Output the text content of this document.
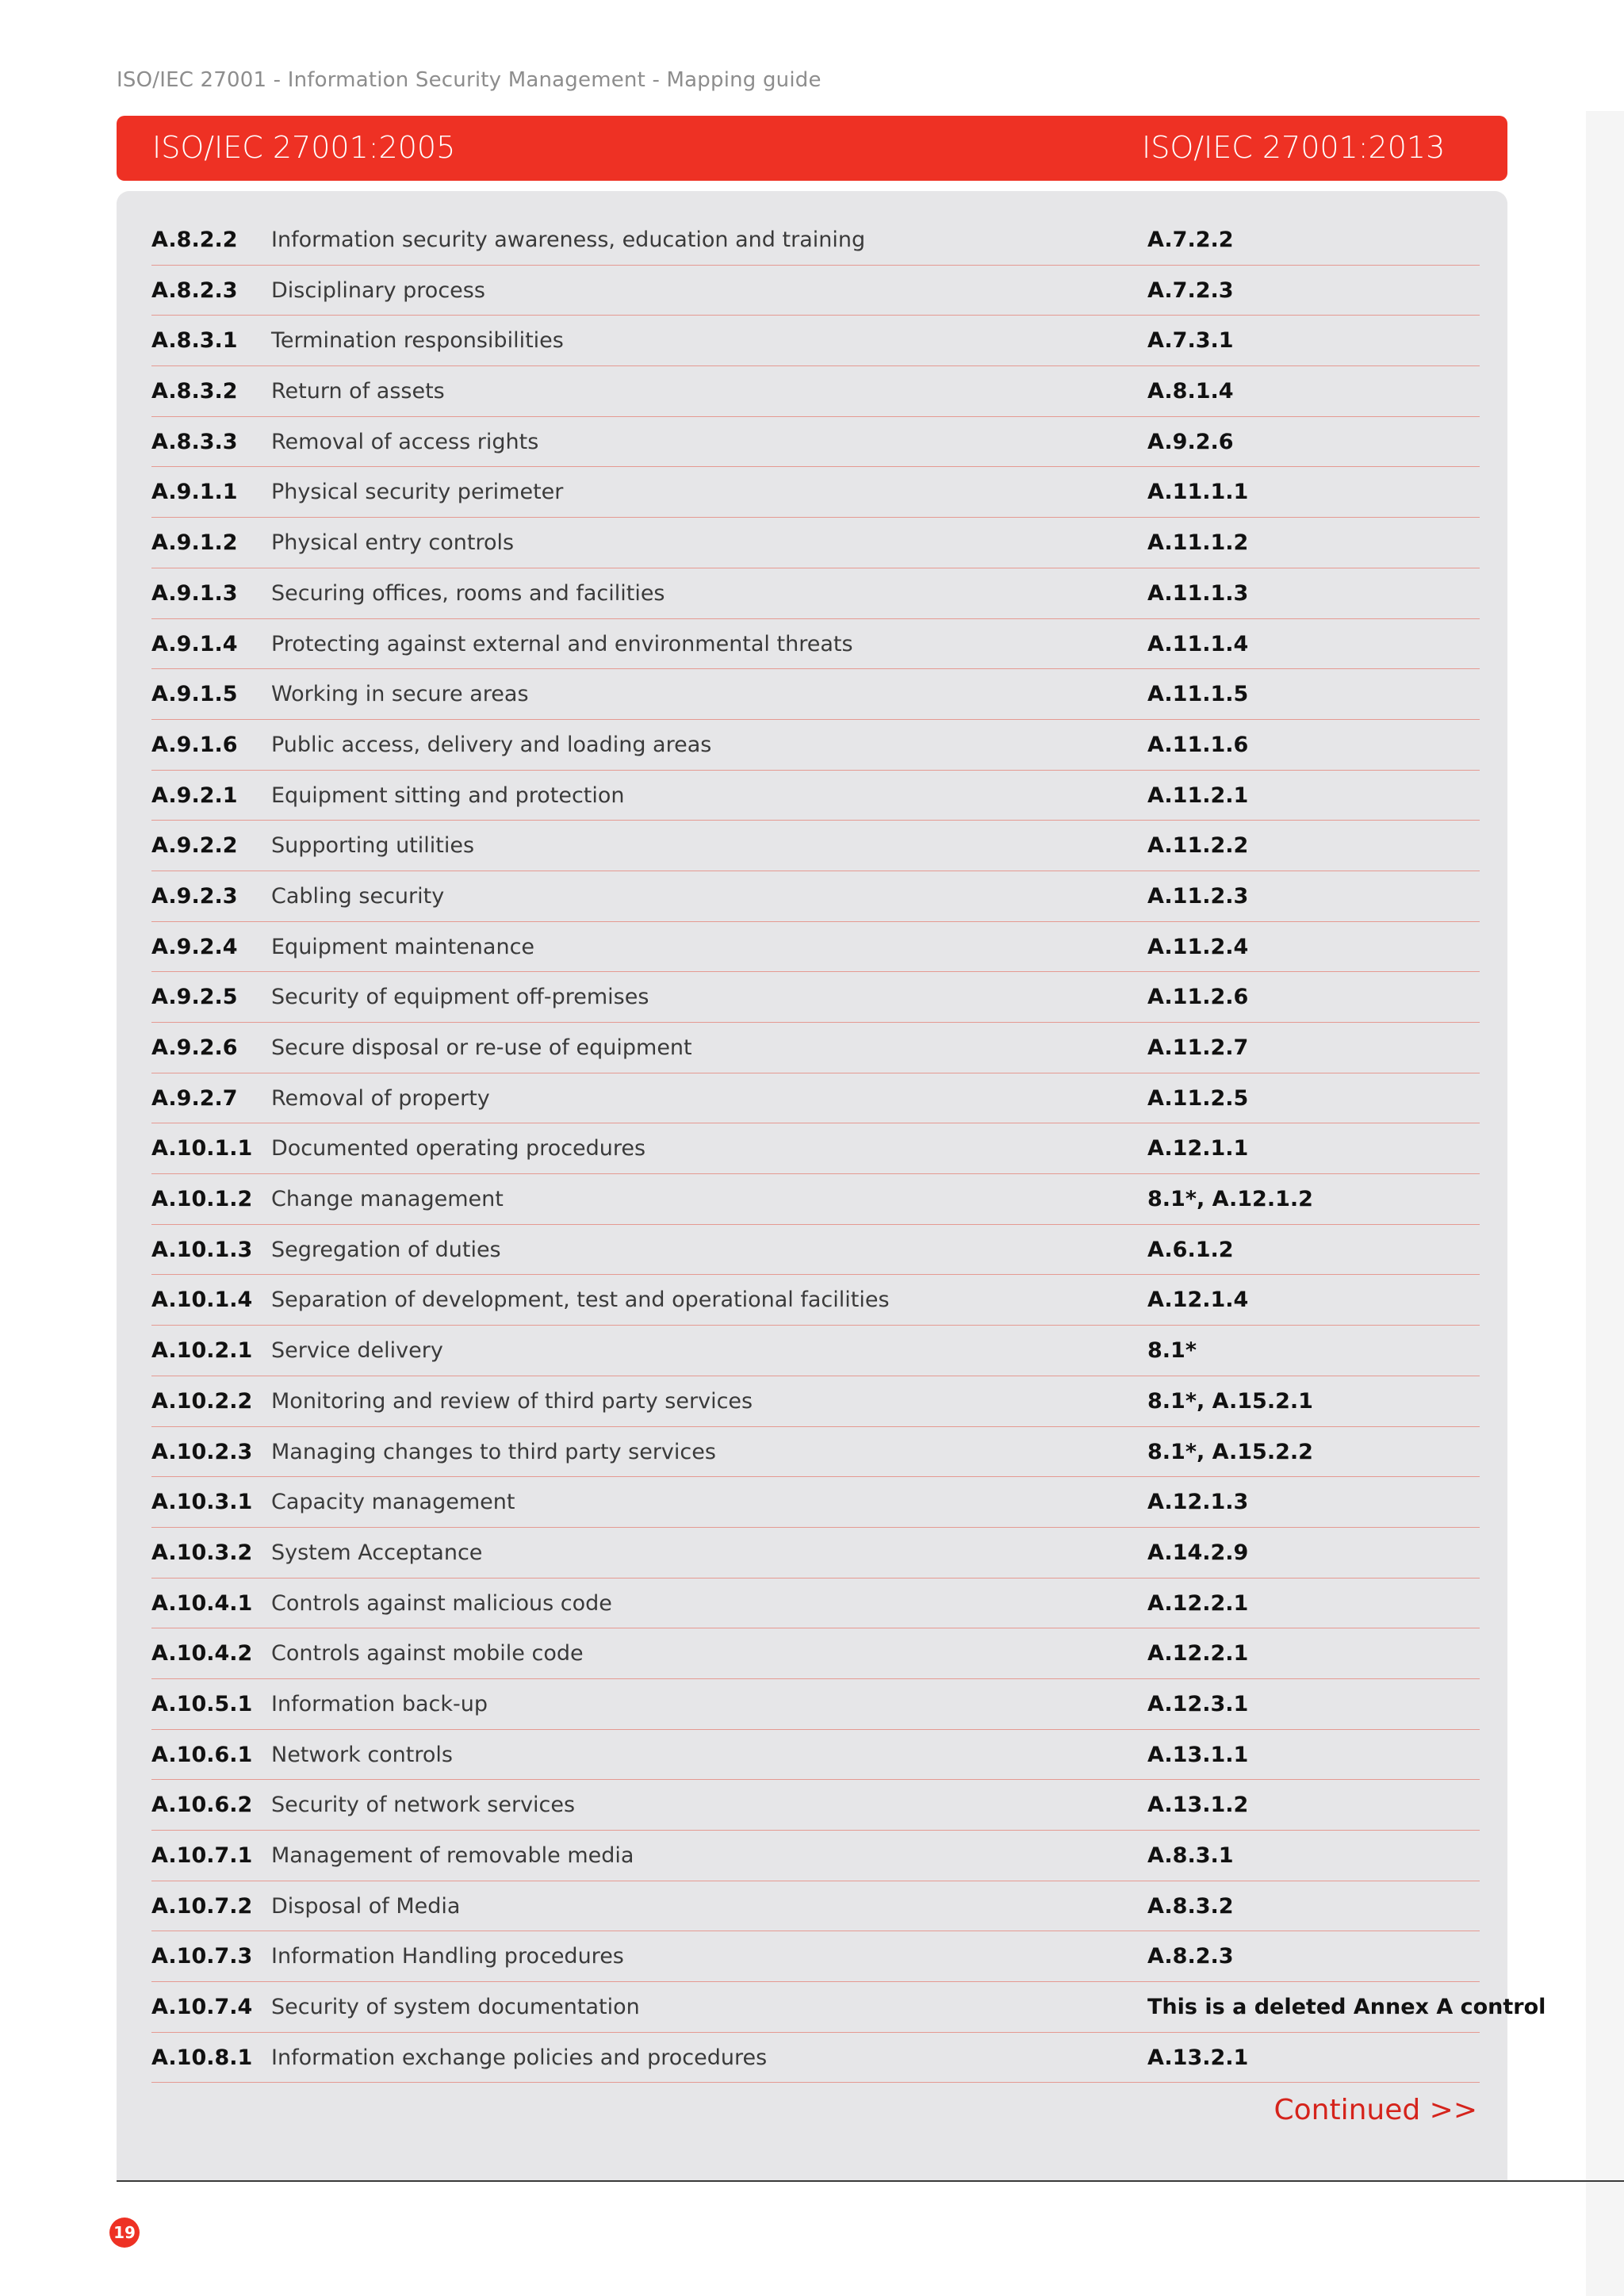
ISO/IEC 27001 - Information Security Management - Mapping guide
ISO/IEC 27001:2005	ISO/IEC 27001:2013
A.8.2.2 Information security awareness, education and training	A.7.2.2
A.8.2.3 Disciplinary process	A.7.2.3
A.8.3.1 Termination responsibilities	A.7.3.1
A.8.3.2 Return of assets	A.8.1.4
A.8.3.3 Removal of access rights	A.9.2.6
A.9.1.1 Physical security perimeter	A.11.1.1
A.9.1.2 Physical entry controls	A.11.1.2
A.9.1.3 Securing offices, rooms and facilities	A.11.1.3
A.9.1.4 Protecting against external and environmental threats	A.11.1.4
A.9.1.5 Working in secure areas	A.11.1.5
A.9.1.6 Public access, delivery and loading areas	A.11.1.6
A.9.2.1 Equipment sitting and protection	A.11.2.1
A.9.2.2 Supporting utilities	A.11.2.2
A.9.2.3 Cabling security	A.11.2.3
A.9.2.4 Equipment maintenance	A.11.2.4
A.9.2.5 Security of equipment off-premises	A.11.2.6
A.9.2.6 Secure disposal or re-use of equipment	A.11.2.7
A.9.2.7 Removal of property	A.11.2.5
A.10.1.1 Documented operating procedures	A.12.1.1
A.10.1.2 Change management	8.1*, A.12.1.2
A.10.1.3 Segregation of duties	A.6.1.2
A.10.1.4 Separation of development, test and operational facilities	A.12.1.4
A.10.2.1 Service delivery	8.1*
A.10.2.2 Monitoring and review of third party services	8.1*, A.15.2.1
A.10.2.3 Managing changes to third party services	8.1*, A.15.2.2
A.10.3.1 Capacity management	A.12.1.3
A.10.3.2 System Acceptance	A.14.2.9
A.10.4.1 Controls against malicious code	A.12.2.1
A.10.4.2 Controls against mobile code	A.12.2.1
A.10.5.1 Information back-up	A.12.3.1
A.10.6.1 Network controls	A.13.1.1
A.10.6.2 Security of network services	A.13.1.2
A.10.7.1 Management of removable media	A.8.3.1
A.10.7.2 Disposal of Media	A.8.3.2
A.10.7.3 Information Handling procedures	A.8.2.3
A.10.7.4 Security of system documentation	This is a deleted Annex A control
A.10.8.1 Information exchange policies and procedures	A.13.2.1
Continued >>
19
